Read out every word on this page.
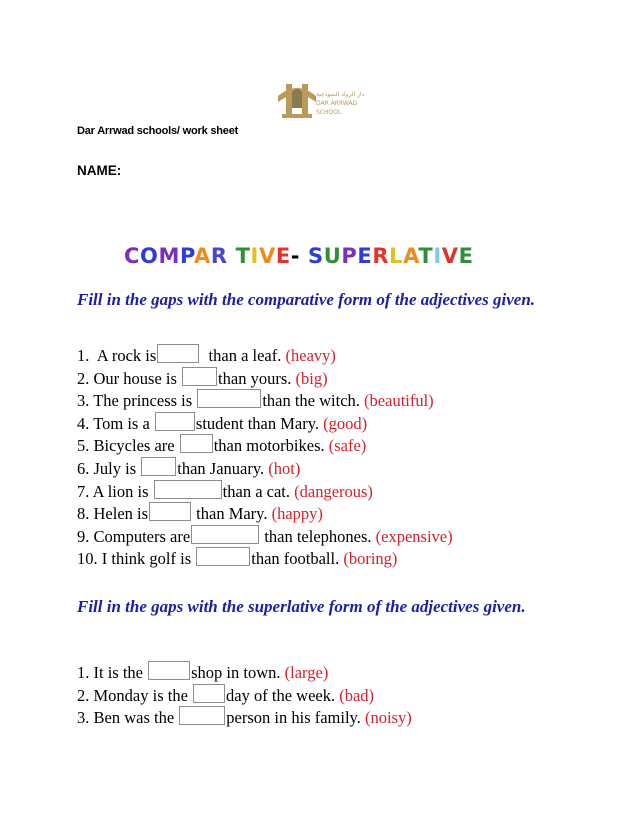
دار الرواد النموذجية DAR ARRWAD SCHOOL
Dar Arrwad schools/ work sheet
NAME:
COMPAR TIVE- SUPERLATIVE
Fill in the gaps with the comparative form of the adjectives given.
1.  A rock is	than a leaf. (heavy)
2. Our house is than yours. (big)
3. The princess is	than the witch. (beautiful)
4. Tom is a	student than Mary. (good)
5. Bicycles are than motorbikes. (safe)
6. July is than January. (hot)
7. A lion is	than a cat. (dangerous)
8. Helen is	than Mary. (happy)
9. Computers are	than telephones. (expensive)
10. I think golf is	than football. (boring)
Fill in the gaps with the superlative form of the adjectives given.
1. It is the	shop in town. (large)
2. Monday is the day of the week. (bad)
3. Ben was the	person in his family. (noisy)
